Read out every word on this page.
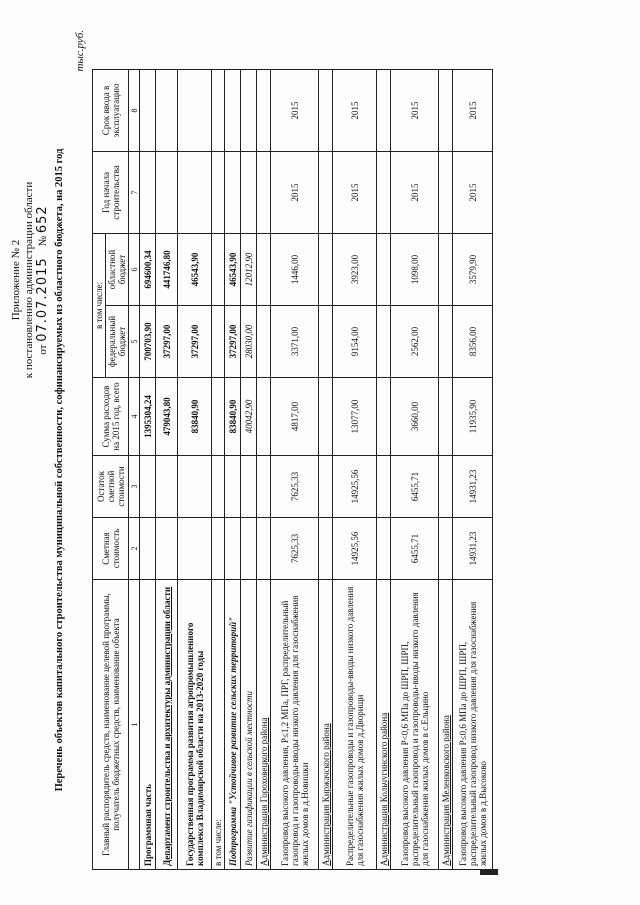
Приложение № 2 к постановлению администрации области от 07.07.2015    № 652 Перечень объектов капитального строительства муниципальной собственности, софинансируемых из областного бюджета, на 2015 год
тыс.руб.
Главный распорядитель средств, наименование целевой программы, получатель бюджетных средств, наименование объекта	Сметная стоимость	Остаток сметной стоимости	Сумма расходов на 2015 год, всего	в том числе:		Год начала строительства	Срок ввода в эксплуатацию
				федеральный бюджет	областной бюджет		
1	2	3	4	5	6	7	8
Программная часть			1395304,24	700703,90	694600,34		
Департамент строительства и архитектуры администрации области			479043,80	37297,00	441746,80		
Государственная программа развития агропромышленного комплекса Владимирской области на 2013-2020 годы			83840,90	37297,00	46543,90		
в том числе:							
Подпрограмма "Устойчивое развитие сельских территорий"			83840,90	37297,00	46543,90		
Развитие газификации в сельской местности			40042,90	28030,00	12012,90		
Администрация Гороховецкого района							
Газопровод высокого давления, P≤1,2 МПа, ПРГ, распределительный газопровод и газопроводы-вводы низкого давления для газоснабжения жилых домов в д.Новишки	7625,33	7625,33	4817,00	3371,00	1446,00	2015	2015
Администрация Киржачского района							
Распределительные газопроводы и газопроводы-вводы низкого давления для газоснабжения жилых домов д.Дворищи	14925,56	14925,56	13077,00	9154,00	3923,00	2015	2015
Администрация Кольчугинского района							
Газопровод высокого давления P<0,6 МПа до ШРП, ШРП, распределительный газопровод и газопроводы-вводы низкого давления для газоснабжения жилых домов в с.Ельцино	6455,71	6455,71	3660,00	2562,00	1098,00	2015	2015
Администрация Меленковского района							
Газопровод высокого давления P≤0,6 МПа до ШРП, ШРП, распределительный газопровод низкого давления для газоснабжения жилых домов в д.Высоково	14931,23	14931,23	11935,90	8356,00	3579,90	2015	2015
